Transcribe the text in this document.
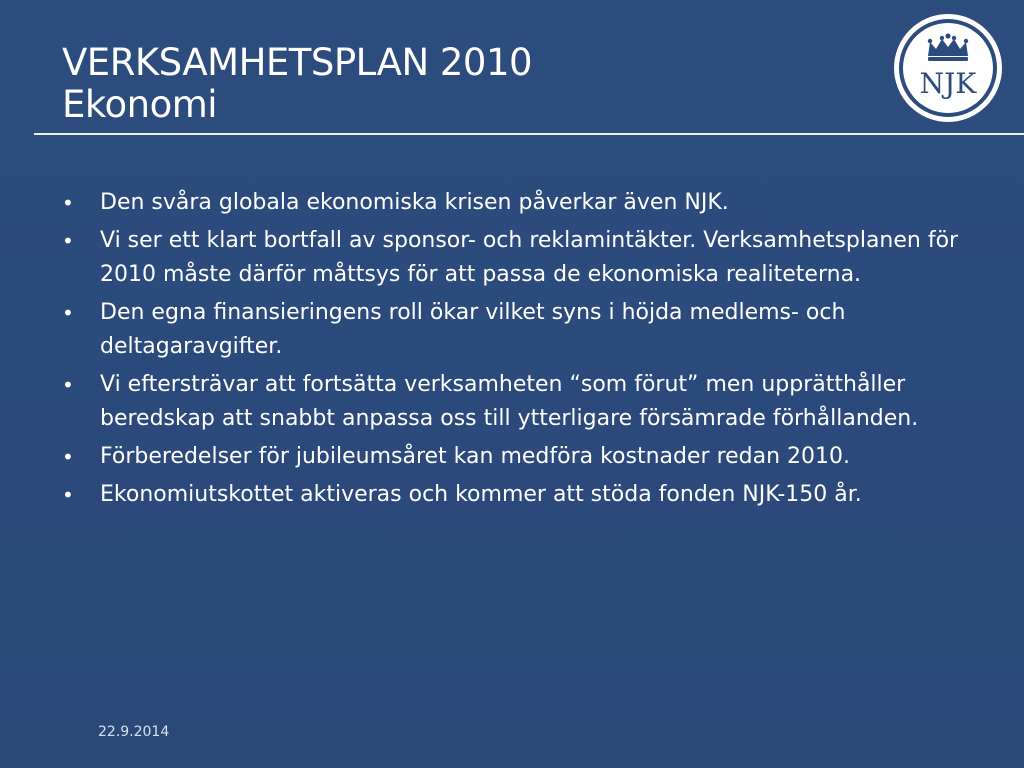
VERKSAMHETSPLAN 2010
Ekonomi	NJK
• Den svåra globala ekonomiska krisen påverkar även NJK.
• Vi ser ett klart bortfall av sponsor- och reklamintäkter. Verksamhetsplanen för 2010 måste därför måttsys för att passa de ekonomiska realiteterna.
• Den egna finansieringens roll ökar vilket syns i höjda medlems- och deltagaravgifter.
• Vi eftersträvar att fortsätta verksamheten “som förut” men upprätthåller beredskap att snabbt anpassa oss till ytterligare försämrade förhållanden.
• Förberedelser för jubileumsåret kan medföra kostnader redan 2010.
• Ekonomiutskottet aktiveras och kommer att stöda fonden NJK-150 år.
22.9.2014
